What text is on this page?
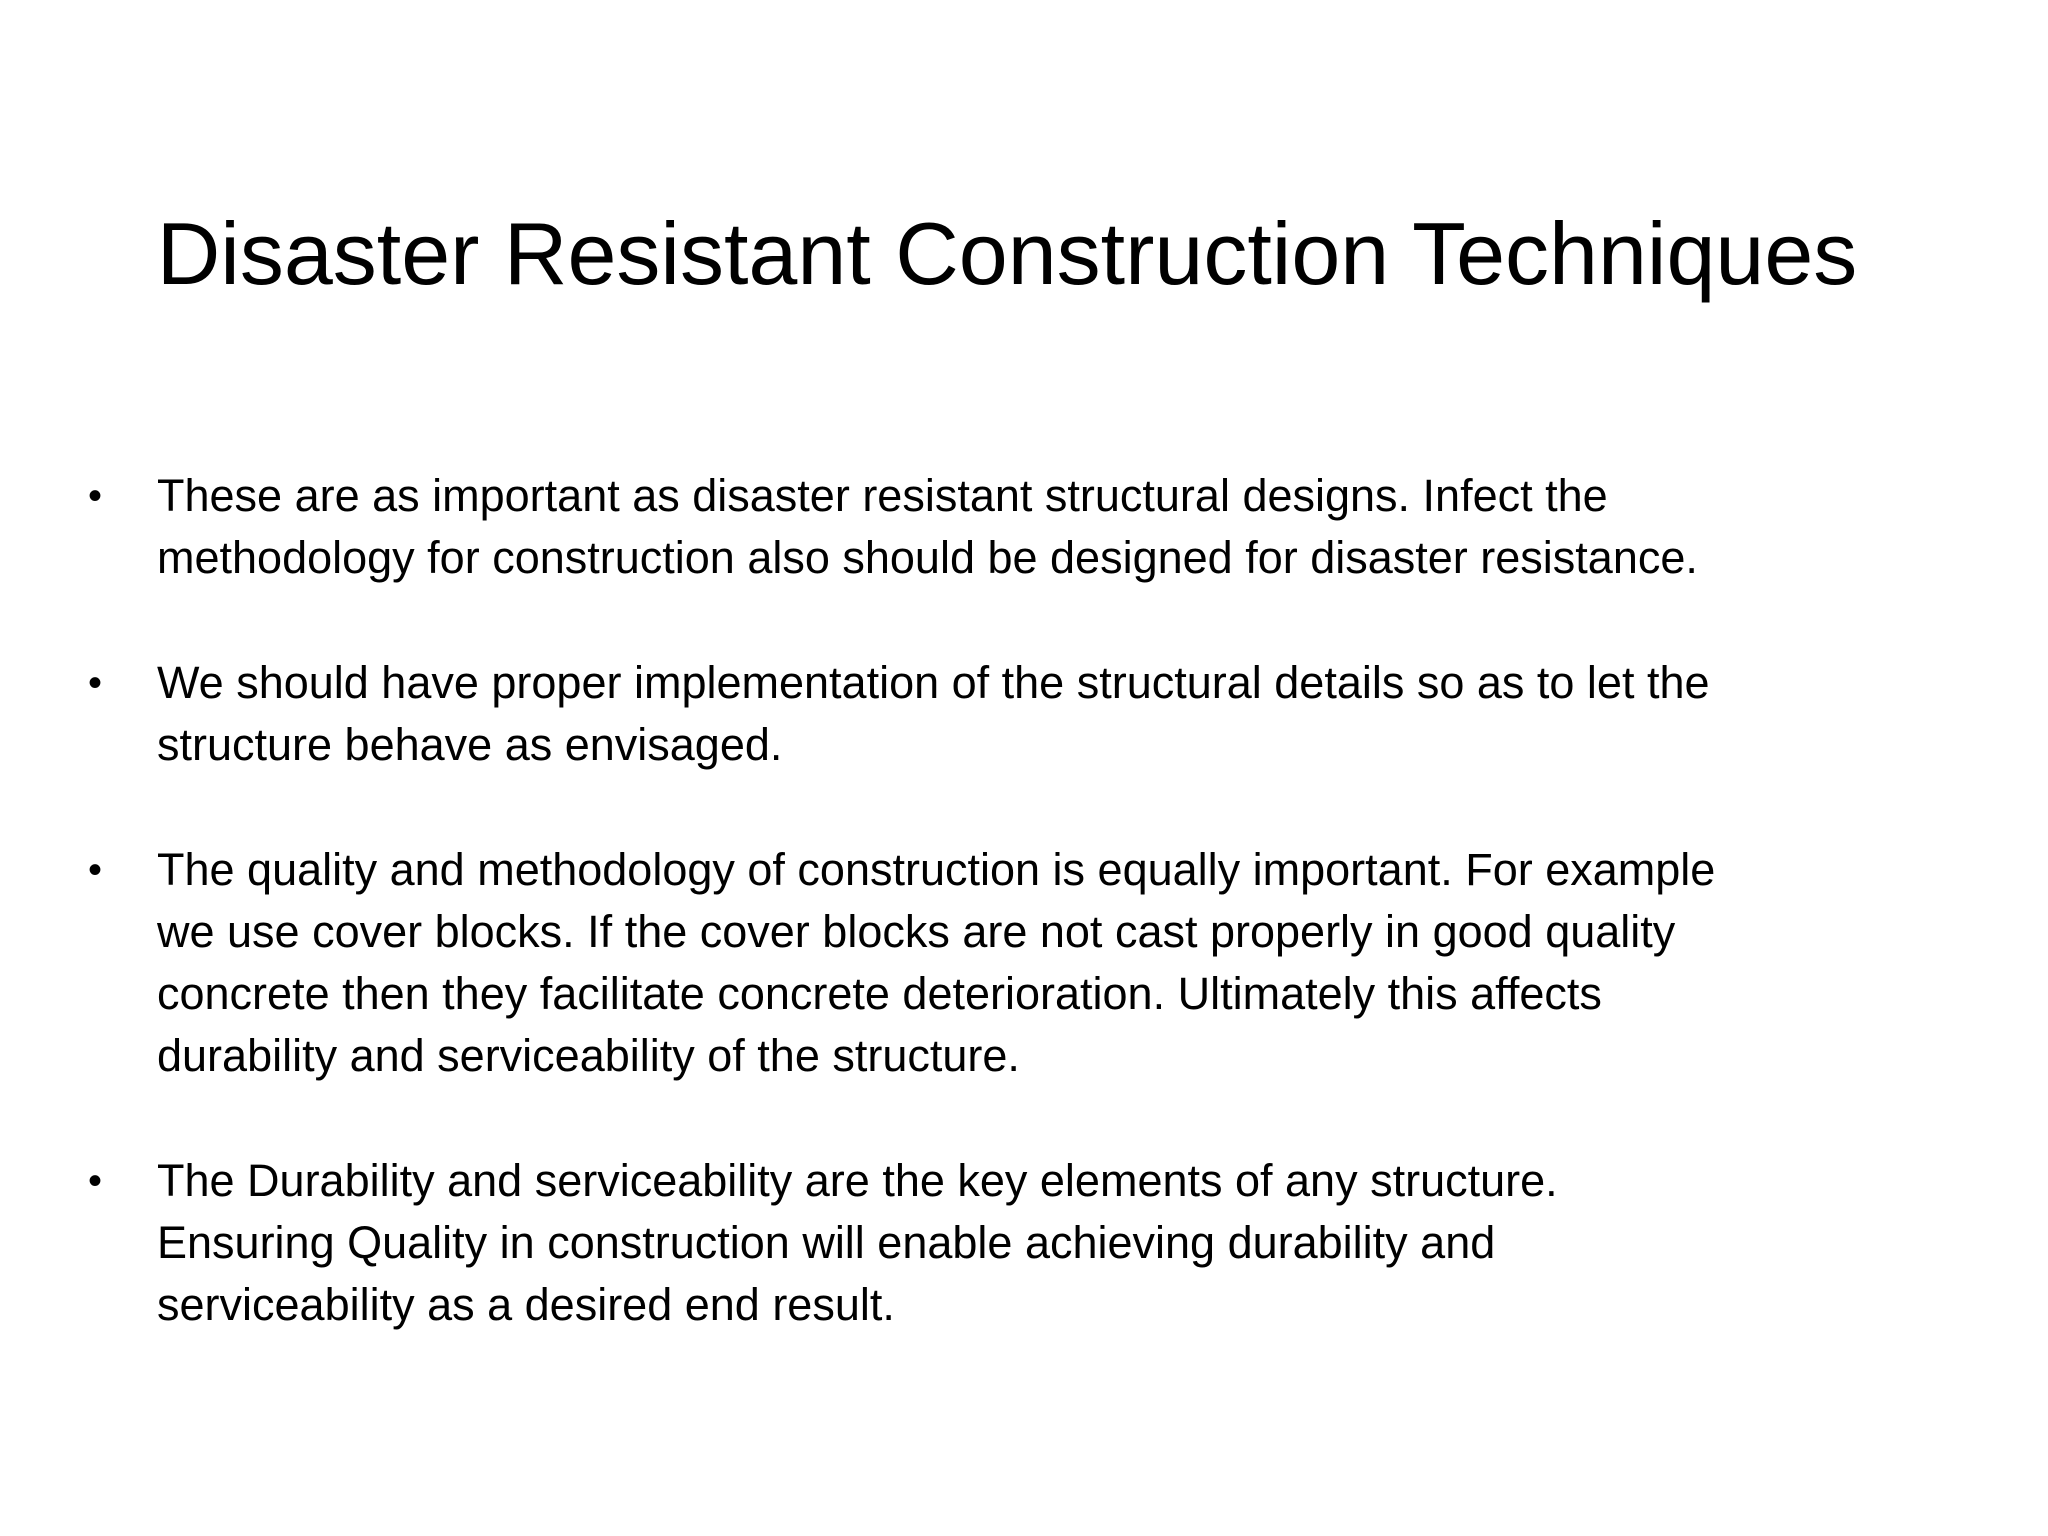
Disaster Resistant Construction Techniques
• These are as important as disaster resistant structural designs. Infect the
methodology for construction also should be designed for disaster resistance.
• We should have proper implementation of the structural details so as to let the
structure behave as envisaged.
• The quality and methodology of construction is equally important. For example
we use cover blocks. If the cover blocks are not cast properly in good quality
concrete then they facilitate concrete deterioration. Ultimately this affects
durability and serviceability of the structure.
• The Durability and serviceability are the key elements of any structure.
Ensuring Quality in construction will enable achieving durability and
serviceability as a desired end result.
